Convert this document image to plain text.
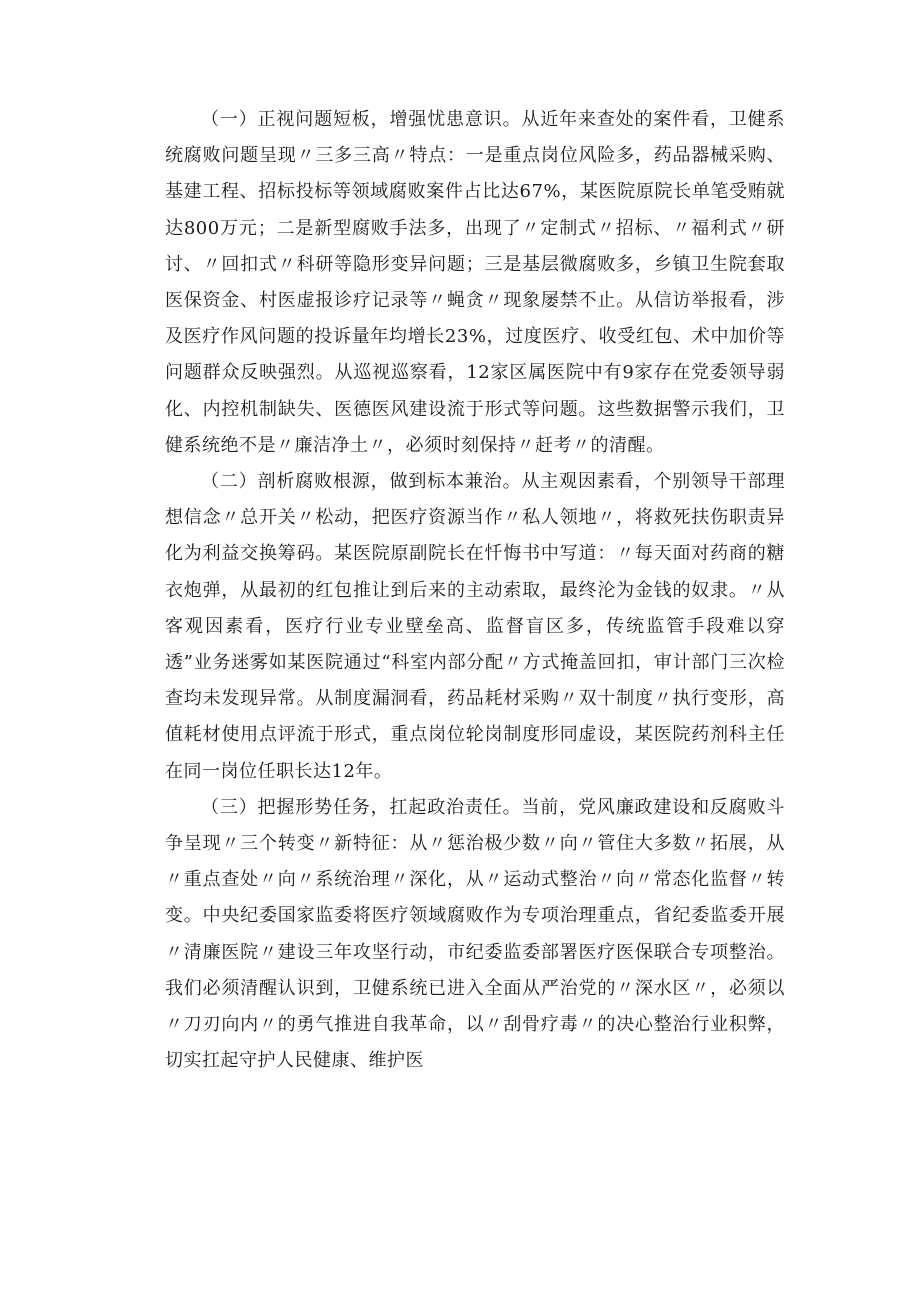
（一）正视问题短板，增强忧患意识。从近年来查处的案件看，卫健系统腐败问题呈现〃三多三高〃特点：一是重点岗位风险多，药品器械采购、基建工程、招标投标等领域腐败案件占比达67%，某医院原院长单笔受贿就达800万元；二是新型腐败手法多，出现了〃定制式〃招标、〃福利式〃研讨、〃回扣式〃科研等隐形变异问题；三是基层微腐败多，乡镇卫生院套取医保资金、村医虚报诊疗记录等〃蝇贪〃现象屡禁不止。从信访举报看，涉及医疗作风问题的投诉量年均增长23%，过度医疗、收受红包、术中加价等问题群众反映强烈。从巡视巡察看，12家区属医院中有9家存在党委领导弱化、内控机制缺失、医德医风建设流于形式等问题。这些数据警示我们，卫健系统绝不是〃廉洁净土〃，必须时刻保持〃赶考〃的清醒。

（二）剖析腐败根源，做到标本兼治。从主观因素看，个别领导干部理想信念〃总开关〃松动，把医疗资源当作〃私人领地〃，将救死扶伤职责异化为利益交换筹码。某医院原副院长在忏悔书中写道：〃每天面对药商的糖衣炮弹，从最初的红包推让到后来的主动索取，最终沦为金钱的奴隶。〃从客观因素看，医疗行业专业壁垒高、监督盲区多，传统监管手段难以穿透”业务迷雾如某医院通过“科室内部分配〃方式掩盖回扣，审计部门三次检查均未发现异常。从制度漏洞看，药品耗材采购〃双十制度〃执行变形，高值耗材使用点评流于形式，重点岗位轮岗制度形同虚设，某医院药剂科主任在同一岗位任职长达12年。

（三）把握形势任务，扛起政治责任。当前，党风廉政建设和反腐败斗争呈现〃三个转变〃新特征：从〃惩治极少数〃向〃管住大多数〃拓展，从〃重点查处〃向〃系统治理〃深化，从〃运动式整治〃向〃常态化监督〃转变。中央纪委国家监委将医疗领域腐败作为专项治理重点，省纪委监委开展〃清廉医院〃建设三年攻坚行动，市纪委监委部署医疗医保联合专项整治。我们必须清醒认识到，卫健系统已进入全面从严治党的〃深水区〃，必须以〃刀刃向内〃的勇气推进自我革命，以〃刮骨疗毒〃的决心整治行业积弊，切实扛起守护人民健康、维护医
